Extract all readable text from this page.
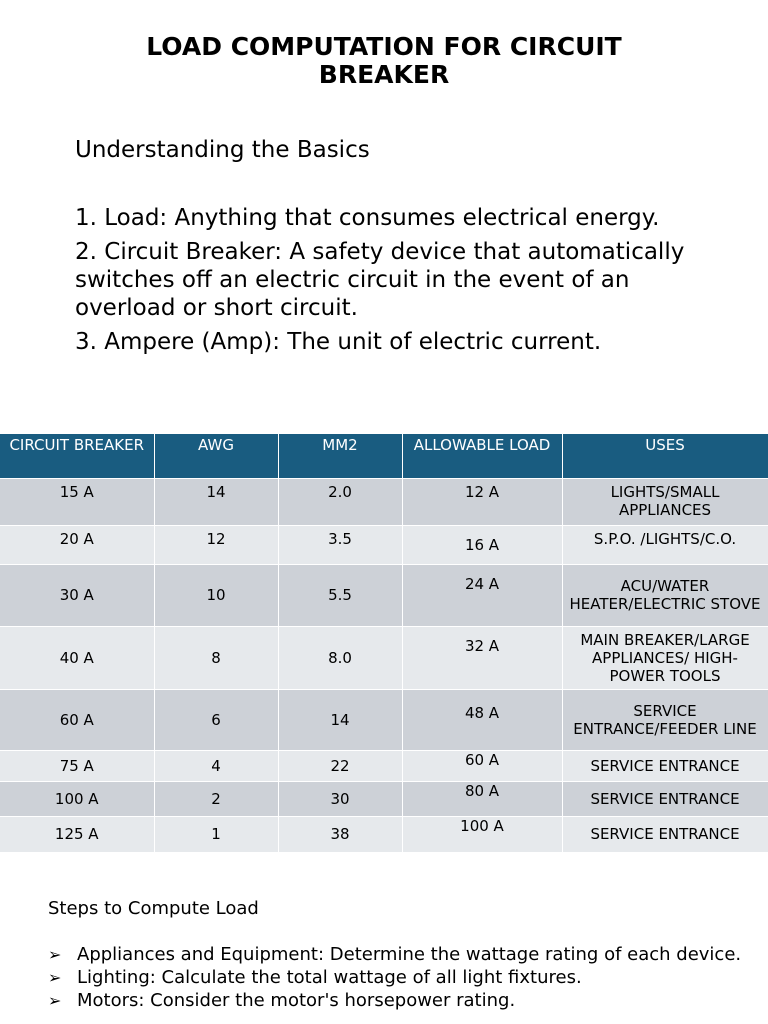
LOAD COMPUTATION FOR CIRCUIT
BREAKER
Understanding the Basics

1. Load: Anything that consumes electrical energy.

2. Circuit Breaker: A safety device that automatically switches off an electric circuit in the event of an overload or short circuit.

3. Ampere (Amp): The unit of electric current.

CIRCUIT BREAKER	AWG	MM2	ALLOWABLE LOAD	USES
15 A	14	2.0	12 A	LIGHTS/SMALL APPLIANCES
20 A	12	3.5	16 A	S.P.O. /LIGHTS/C.O.
30 A	10	5.5	24 A	ACU/WATER HEATER/ELECTRIC STOVE
40 A	8	8.0	32 A	MAIN BREAKER/LARGE APPLIANCES/ HIGH-POWER TOOLS
60 A	6	14	48 A	SERVICE ENTRANCE/FEEDER LINE
75 A	4	22	60 A	SERVICE ENTRANCE
100 A	2	30	80 A	SERVICE ENTRANCE
125 A	1	38	100 A	SERVICE ENTRANCE

Steps to Compute Load

➢ Appliances and Equipment: Determine the wattage rating of each device.
➢ Lighting: Calculate the total wattage of all light fixtures.
➢ Motors: Consider the motor's horsepower rating.
